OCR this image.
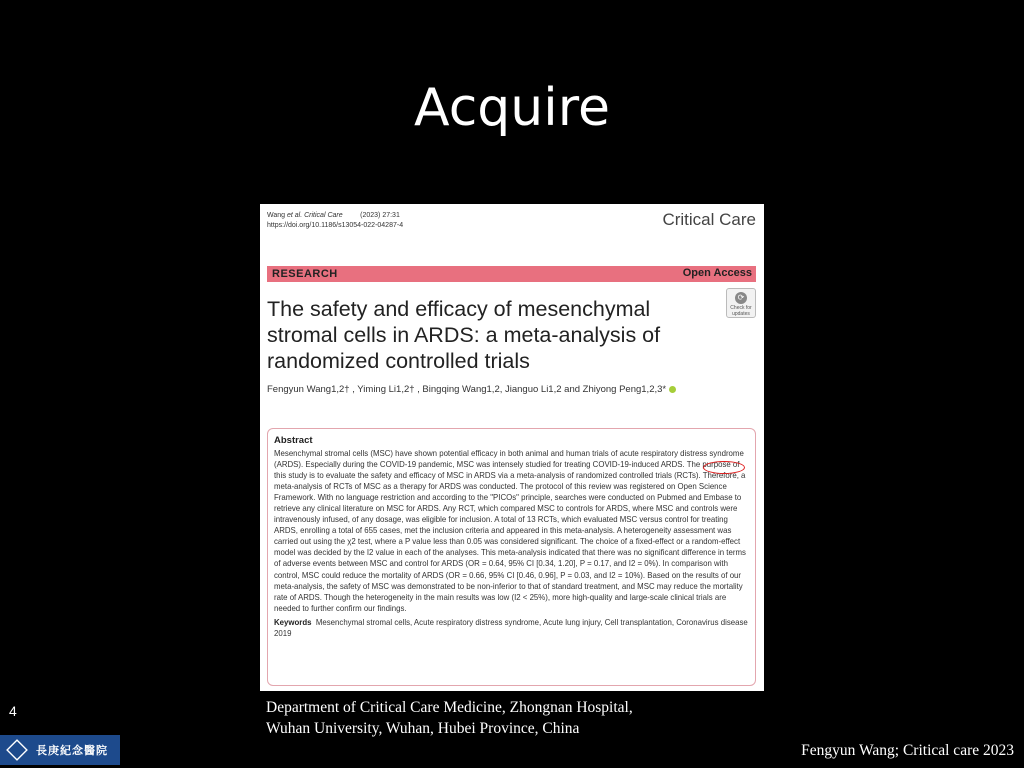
Acquire
Wang et al. Critical Care	(2023) 27:31
https://doi.org/10.1186/s13054-022-04287-4	Critical Care
RESEARCH	Open Access
⟳
Check for updates
The safety and efficacy of mesenchymal stromal cells in ARDS: a meta-analysis of randomized controlled trials
Fengyun Wang1,2† , Yiming Li1,2† , Bingqing Wang1,2, Jianguo Li1,2 and Zhiyong Peng1,2,3*
Abstract
Mesenchymal stromal cells (MSC) have shown potential efficacy in both animal and human trials of acute respiratory distress syndrome (ARDS). Especially during the COVID-19 pandemic, MSC was intensely studied for treating COVID-19-induced ARDS. The purpose of this study is to evaluate the safety and efficacy of MSC in ARDS via a meta-analysis of randomized controlled trials (RCTs). Therefore, a meta-analysis of RCTs of MSC as a therapy for ARDS was conducted. The protocol of this review was registered on Open Science Framework. With no language restriction and according to the "PICOs" principle, searches were conducted on Pubmed and Embase to retrieve any clinical literature on MSC for ARDS. Any RCT, which compared MSC to controls for ARDS, where MSC and controls were intravenously infused, of any dosage, was eligible for inclusion. A total of 13 RCTs, which evaluated MSC versus control for treating ARDS, enrolling a total of 655 cases, met the inclusion criteria and appeared in this meta-analysis. A heterogeneity assessment was carried out using the χ2 test, where a P value less than 0.05 was considered significant. The choice of a fixed-effect or a random-effect model was decided by the I2 value in each of the analyses. This meta-analysis indicated that there was no significant difference in terms of adverse events between MSC and control for ARDS (OR = 0.64, 95% CI [0.34, 1.20], P = 0.17, and I2 = 0%). In comparison with control, MSC could reduce the mortality of ARDS (OR = 0.66, 95% CI [0.46, 0.96], P = 0.03, and I2 = 10%). Based on the results of our meta-analysis, the safety of MSC was demonstrated to be non-inferior to that of standard treatment, and MSC may reduce the mortality rate of ARDS. Though the heterogeneity in the main results was low (I2 < 25%), more high-quality and large-scale clinical trials are needed to further confirm our findings.
Keywords Mesenchymal stromal cells, Acute respiratory distress syndrome, Acute lung injury, Cell transplantation, Coronavirus disease 2019
4	Department of Critical Care Medicine, Zhongnan Hospital,
Wuhan University, Wuhan, Hubei Province, China
Fengyun Wang; Critical care 2023
長庚紀念醫院
